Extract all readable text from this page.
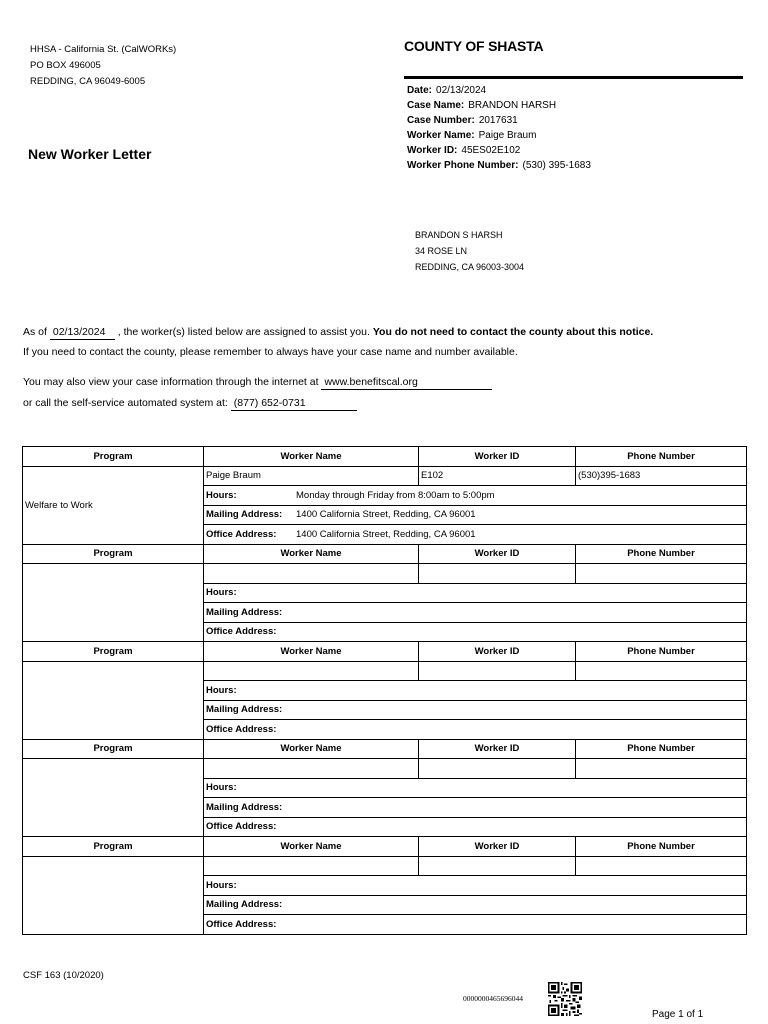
HHSA - California St. (CalWORKs)
PO BOX 496005
REDDING, CA 96049-6005
COUNTY OF SHASTA
Date: 02/13/2024
Case Name: BRANDON HARSH
Case Number: 2017631
Worker Name: Paige Braum
Worker ID: 45ES02E102
Worker Phone Number: (530) 395-1683
New Worker Letter
BRANDON S HARSH
34 ROSE LN
REDDING, CA 96003-3004
As of 02/13/2024 , the worker(s) listed below are assigned to assist you. You do not need to contact the county about this notice.
If you need to contact the county, please remember to always have your case name and number available.
You may also view your case information through the internet at www.benefitscal.org
or call the self-service automated system at: (877) 652-0731
Program	Worker Name	Worker ID	Phone Number
Welfare to Work	Paige Braum	E102	(530)395-1683
	Hours: Monday through Friday from 8:00am to 5:00pm		
	Mailing Address: 1400 California Street, Redding, CA 96001		
	Office Address: 1400 California Street, Redding, CA 96001		
Program	Worker Name	Worker ID	Phone Number

	Hours:		
	Mailing Address:		
	Office Address:		
Program	Worker Name	Worker ID	Phone Number

	Hours:		
	Mailing Address:		
	Office Address:		
Program	Worker Name	Worker ID	Phone Number

	Hours:		
	Mailing Address:		
	Office Address:		
Program	Worker Name	Worker ID	Phone Number

	Hours:		
	Mailing Address:		
	Office Address:		
CSF 163 (10/2020)
0000000465696044
Page 1 of 1
